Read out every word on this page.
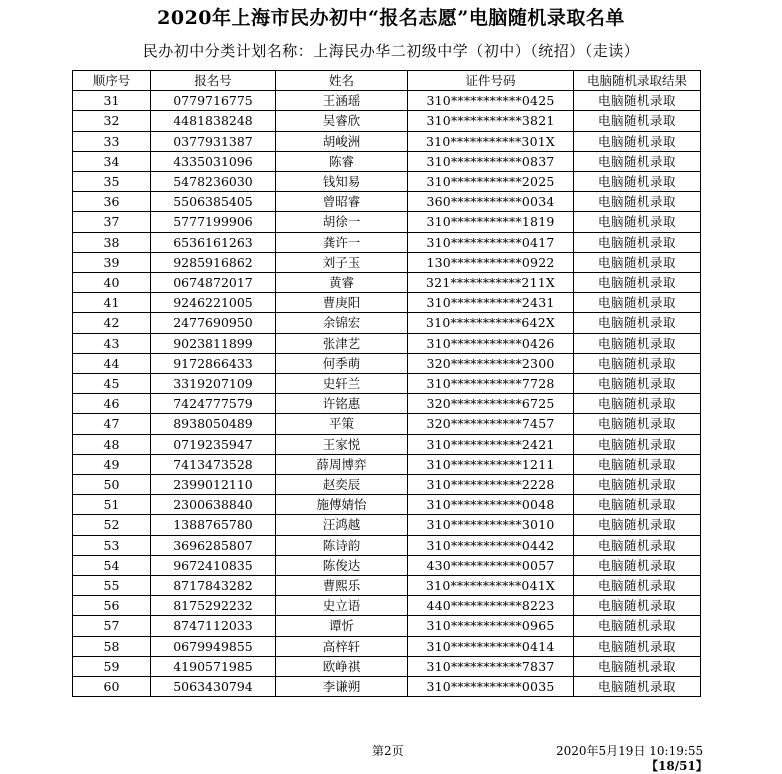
2020年上海市民办初中“报名志愿”电脑随机录取名单
民办初中分类计划名称：上海民办华二初级中学（初中）（统招）（走读）
顺序号	报名号	姓名	证件号码	电脑随机录取结果
31	0779716775	王涵瑶	310***********0425	电脑随机录取
32	4481838248	吴睿欣	310***********3821	电脑随机录取
33	0377931387	胡峻洲	310***********301X	电脑随机录取
34	4335031096	陈睿	310***********0837	电脑随机录取
35	5478236030	钱知易	310***********2025	电脑随机录取
36	5506385405	曾昭睿	360***********0034	电脑随机录取
37	5777199906	胡徐一	310***********1819	电脑随机录取
38	6536161263	龚许一	310***********0417	电脑随机录取
39	9285916862	刘子玉	130***********0922	电脑随机录取
40	0674872017	黄睿	321***********211X	电脑随机录取
41	9246221005	曹庚阳	310***********2431	电脑随机录取
42	2477690950	余锦宏	310***********642X	电脑随机录取
43	9023811899	张津艺	310***********0426	电脑随机录取
44	9172866433	何季萌	320***********2300	电脑随机录取
45	3319207109	史轩兰	310***********7728	电脑随机录取
46	7424777579	许铭惠	320***********6725	电脑随机录取
47	8938050489	平策	320***********7457	电脑随机录取
48	0719235947	王家悦	310***********2421	电脑随机录取
49	7413473528	薛周博弈	310***********1211	电脑随机录取
50	2399012110	赵奕辰	310***********2228	电脑随机录取
51	2300638840	施傅婧怡	310***********0048	电脑随机录取
52	1388765780	汪鸿越	310***********3010	电脑随机录取
53	3696285807	陈诗韵	310***********0442	电脑随机录取
54	9672410835	陈俊达	430***********0057	电脑随机录取
55	8717843282	曹熙乐	310***********041X	电脑随机录取
56	8175292232	史立语	440***********8223	电脑随机录取
57	8747112033	谭忻	310***********0965	电脑随机录取
58	0679949855	高梓轩	310***********0414	电脑随机录取
59	4190571985	欧峥祺	310***********7837	电脑随机录取
60	5063430794	李谦朔	310***********0035	电脑随机录取
第2页	2020年5月19日 10:19:55
【18/51】
